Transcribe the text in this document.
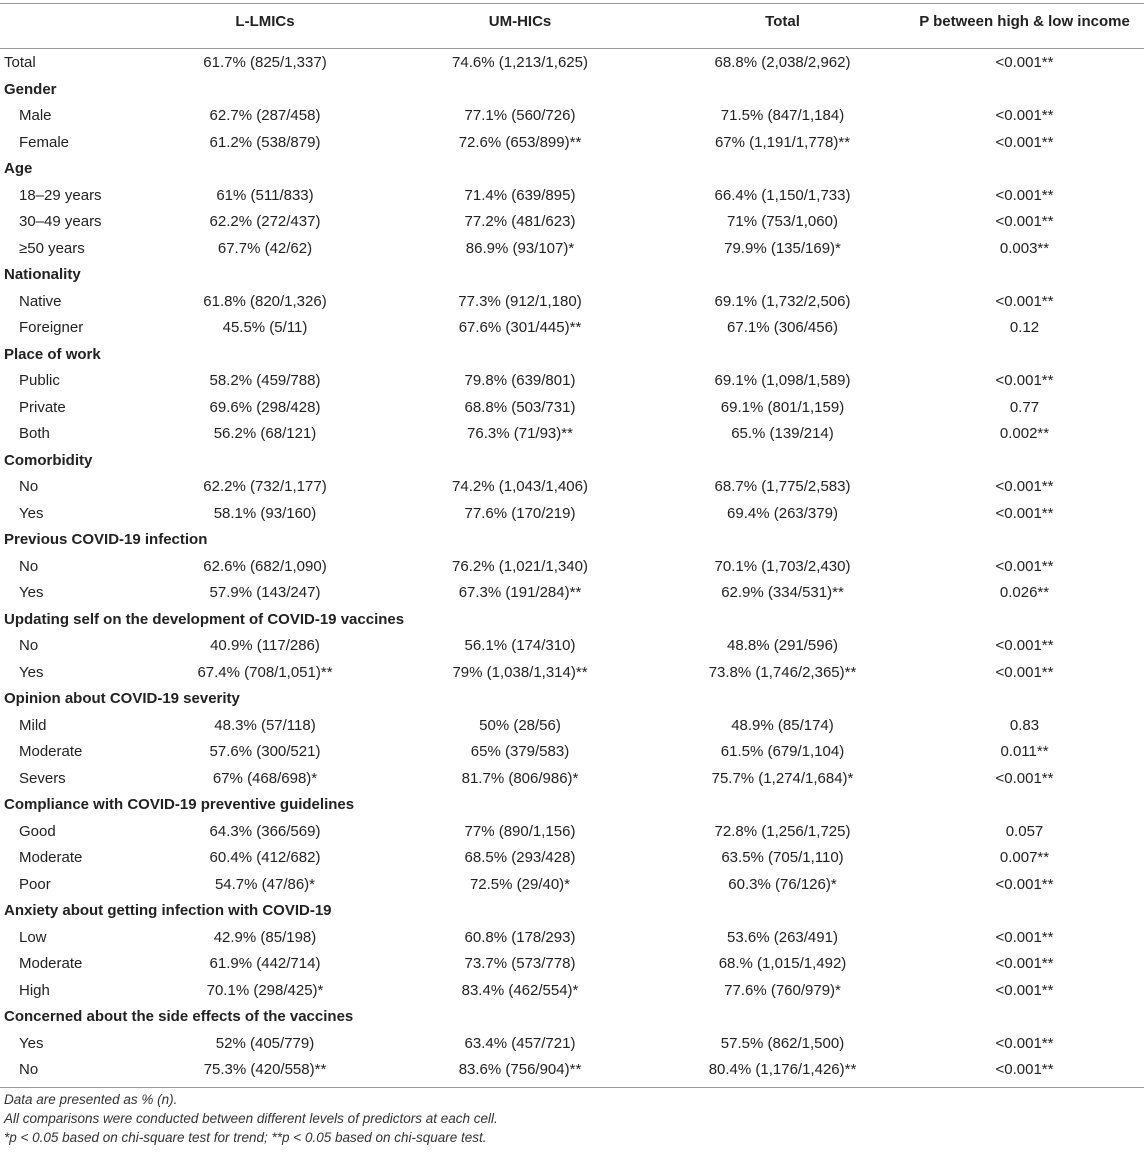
	L-LMICs	UM-HICs	Total	P between high & low income

Total	61.7% (825/1,337)	74.6% (1,213/1,625)	68.8% (2,038/2,962)	<0.001**
Gender				
Male	62.7% (287/458)	77.1% (560/726)	71.5% (847/1,184)	<0.001**
Female	61.2% (538/879)	72.6% (653/899)**	67% (1,191/1,778)**	<0.001**
Age				
18–29 years	61% (511/833)	71.4% (639/895)	66.4% (1,150/1,733)	<0.001**
30–49 years	62.2% (272/437)	77.2% (481/623)	71% (753/1,060)	<0.001**
≥50 years	67.7% (42/62)	86.9% (93/107)*	79.9% (135/169)*	0.003**
Nationality				
Native	61.8% (820/1,326)	77.3% (912/1,180)	69.1% (1,732/2,506)	<0.001**
Foreigner	45.5% (5/11)	67.6% (301/445)**	67.1% (306/456)	0.12
Place of work				
Public	58.2% (459/788)	79.8% (639/801)	69.1% (1,098/1,589)	<0.001**
Private	69.6% (298/428)	68.8% (503/731)	69.1% (801/1,159)	0.77
Both	56.2% (68/121)	76.3% (71/93)**	65.% (139/214)	0.002**
Comorbidity				
No	62.2% (732/1,177)	74.2% (1,043/1,406)	68.7% (1,775/2,583)	<0.001**
Yes	58.1% (93/160)	77.6% (170/219)	69.4% (263/379)	<0.001**
Previous COVID-19 infection				
No	62.6% (682/1,090)	76.2% (1,021/1,340)	70.1% (1,703/2,430)	<0.001**
Yes	57.9% (143/247)	67.3% (191/284)**	62.9% (334/531)**	0.026**
Updating self on the development of COVID-19 vaccines				
No	40.9% (117/286)	56.1% (174/310)	48.8% (291/596)	<0.001**
Yes	67.4% (708/1,051)**	79% (1,038/1,314)**	73.8% (1,746/2,365)**	<0.001**
Opinion about COVID-19 severity				
Mild	48.3% (57/118)	50% (28/56)	48.9% (85/174)	0.83
Moderate	57.6% (300/521)	65% (379/583)	61.5% (679/1,104)	0.011**
Severs	67% (468/698)*	81.7% (806/986)*	75.7% (1,274/1,684)*	<0.001**
Compliance with COVID-19 preventive guidelines				
Good	64.3% (366/569)	77% (890/1,156)	72.8% (1,256/1,725)	0.057
Moderate	60.4% (412/682)	68.5% (293/428)	63.5% (705/1,110)	0.007**
Poor	54.7% (47/86)*	72.5% (29/40)*	60.3% (76/126)*	<0.001**
Anxiety about getting infection with COVID-19				
Low	42.9% (85/198)	60.8% (178/293)	53.6% (263/491)	<0.001**
Moderate	61.9% (442/714)	73.7% (573/778)	68.% (1,015/1,492)	<0.001**
High	70.1% (298/425)*	83.4% (462/554)*	77.6% (760/979)*	<0.001**
Concerned about the side effects of the vaccines				
Yes	52% (405/779)	63.4% (457/721)	57.5% (862/1,500)	<0.001**
No	75.3% (420/558)**	83.6% (756/904)**	80.4% (1,176/1,426)**	<0.001**
Data are presented as % (n).
All comparisons were conducted between different levels of predictors at each cell.
*p < 0.05 based on chi-square test for trend; **p < 0.05 based on chi-square test.
